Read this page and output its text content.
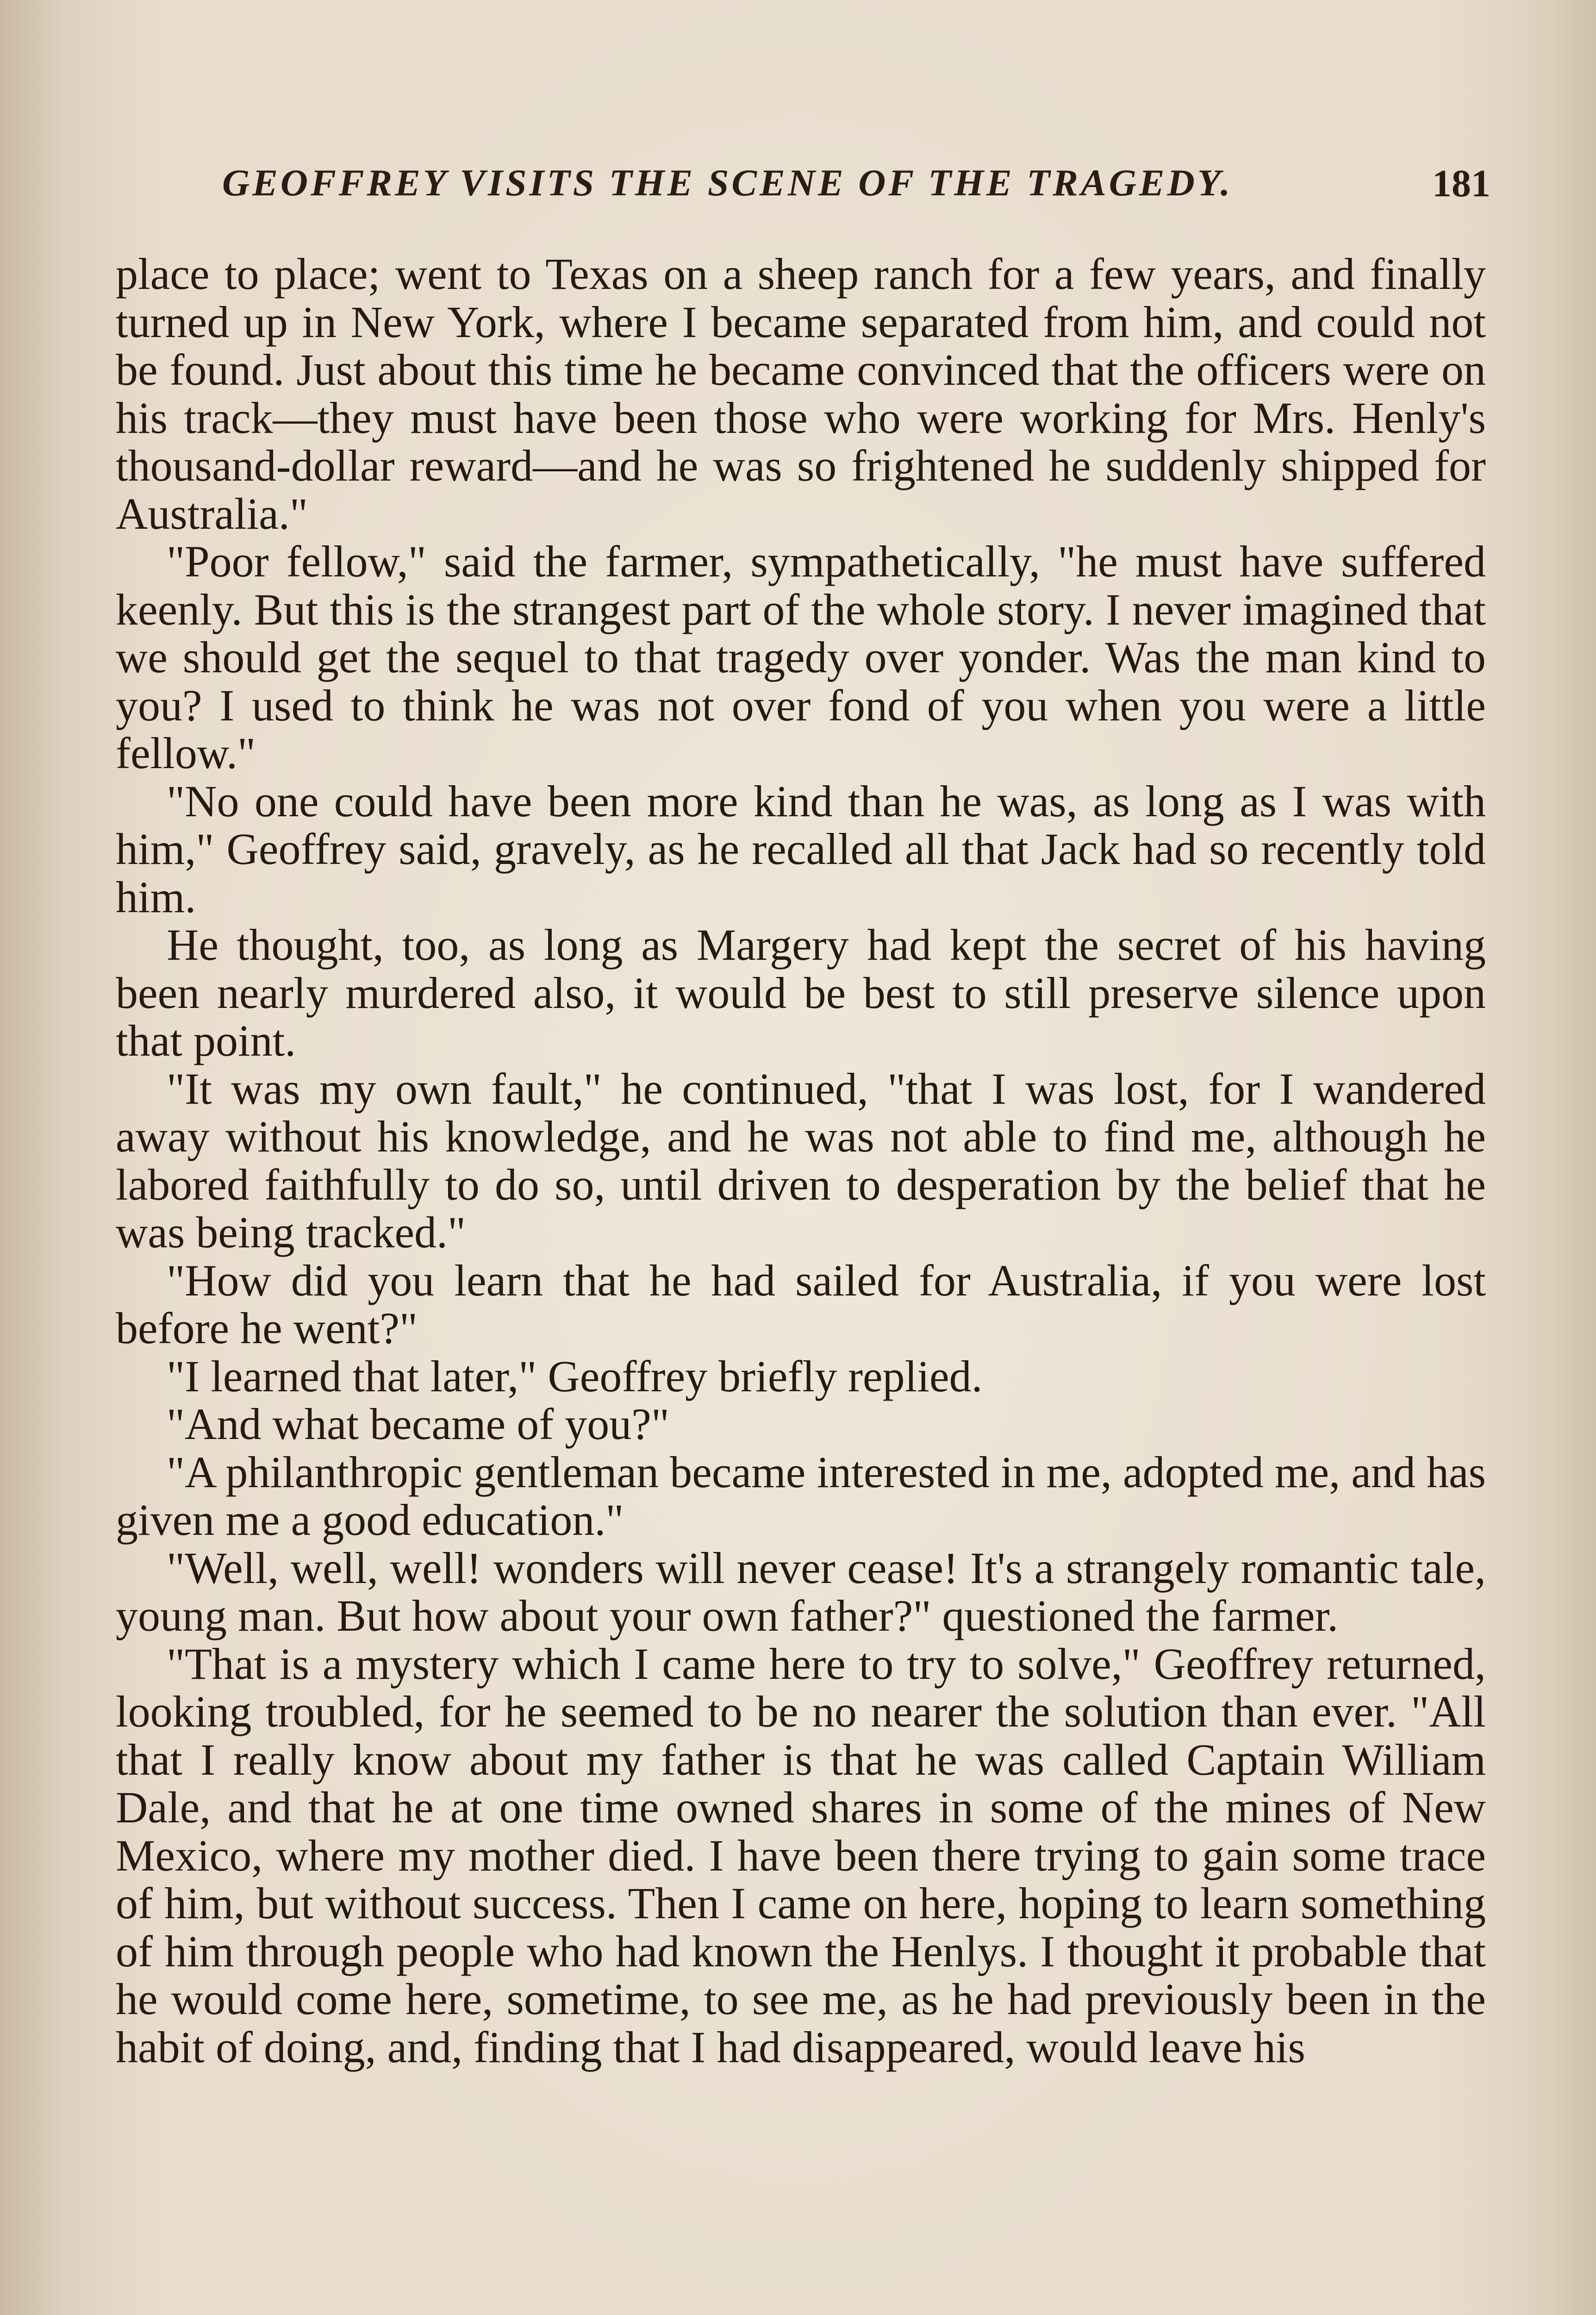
GEOFFREY VISITS THE SCENE OF THE TRAGEDY.	181

place to place; went to Texas on a sheep ranch for a few years, and finally turned up in New York, where I became separated from him, and could not be found. Just about this time he became convinced that the officers were on his track—they must have been those who were working for Mrs. Henly's thousand-dollar reward—and he was so frightened he suddenly shipped for Australia."

"Poor fellow," said the farmer, sympathetically, "he must have suffered keenly. But this is the strangest part of the whole story. I never imagined that we should get the sequel to that tragedy over yonder. Was the man kind to you? I used to think he was not over fond of you when you were a little fellow."

"No one could have been more kind than he was, as long as I was with him," Geoffrey said, gravely, as he recalled all that Jack had so recently told him.

He thought, too, as long as Margery had kept the secret of his having been nearly murdered also, it would be best to still preserve silence upon that point.

"It was my own fault," he continued, "that I was lost, for I wandered away without his knowledge, and he was not able to find me, although he labored faithfully to do so, until driven to desperation by the belief that he was being tracked."

"How did you learn that he had sailed for Australia, if you were lost before he went?"

"I learned that later," Geoffrey briefly replied.

"And what became of you?"

"A philanthropic gentleman became interested in me, adopted me, and has given me a good education."

"Well, well, well! wonders will never cease! It's a strangely romantic tale, young man. But how about your own father?" questioned the farmer.

"That is a mystery which I came here to try to solve," Geoffrey returned, looking troubled, for he seemed to be no nearer the solution than ever. "All that I really know about my father is that he was called Captain William Dale, and that he at one time owned shares in some of the mines of New Mexico, where my mother died. I have been there trying to gain some trace of him, but without success. Then I came on here, hoping to learn something of him through people who had known the Henlys. I thought it probable that he would come here, sometime, to see me, as he had previously been in the habit of doing, and, finding that I had disappeared, would leave his
